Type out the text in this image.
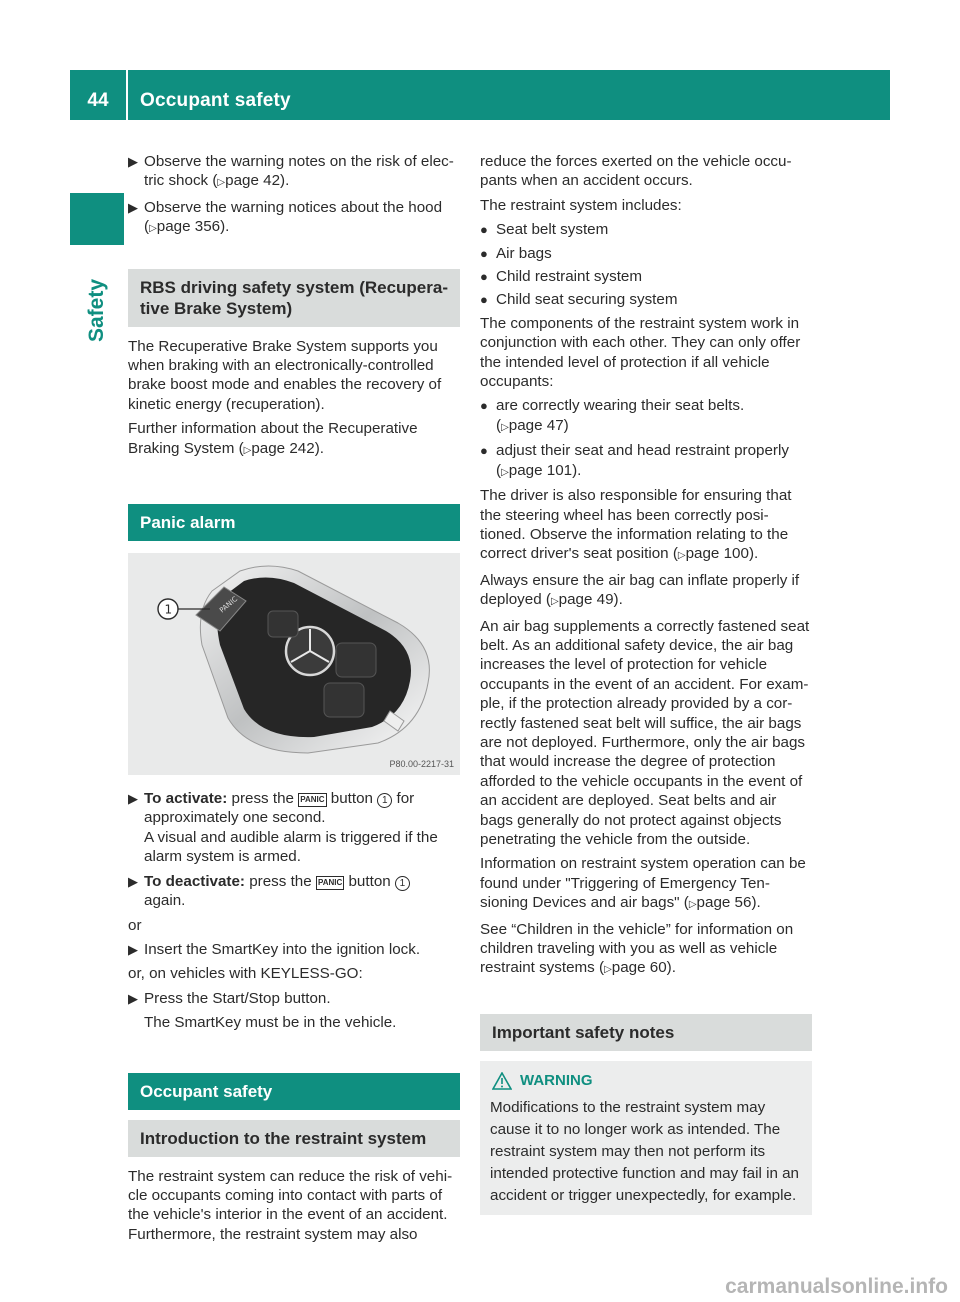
44	Occupant safety
Safety
▶ Observe the warning notes on the risk of elec-tric shock (▷page 42).
▶ Observe the warning notices about the hood (▷page 356).
RBS driving safety system (Recupera-tive Brake System)

The Recuperative Brake System supports you when braking with an electronically-controlled brake boost mode and enables the recovery of kinetic energy (recuperation).

Further information about the Recuperative Braking System (▷page 242).

Panic alarm
PANIC
1
P80.00-2217-31
▶ To activate: press the PANIC button 1 for approximately one second.
A visual and audible alarm is triggered if the alarm system is armed.
▶ To deactivate: press the PANIC button 1
again.

or

▶ Insert the SmartKey into the ignition lock.

or, on vehicles with KEYLESS-GO:

▶ Press the Start/Stop button.
The SmartKey must be in the vehicle.
Occupant safety
Introduction to the restraint system

The restraint system can reduce the risk of vehi-cle occupants coming into contact with parts of the vehicle's interior in the event of an accident. Furthermore, the restraint system may also

reduce the forces exerted on the vehicle occu-pants when an accident occurs.

The restraint system includes:

● Seat belt system
● Air bags
● Child restraint system
● Child seat securing system

The components of the restraint system work in conjunction with each other. They can only offer the intended level of protection if all vehicle occupants:

● are correctly wearing their seat belts.
(▷page 47)
● adjust their seat and head restraint properly
(▷page 101).

The driver is also responsible for ensuring that the steering wheel has been correctly posi-tioned. Observe the information relating to the correct driver's seat position (▷page 100).

Always ensure the air bag can inflate properly if deployed (▷page 49).

An air bag supplements a correctly fastened seat belt. As an additional safety device, the air bag increases the level of protection for vehicle occupants in the event of an accident. For exam-ple, if the protection already provided by a cor-rectly fastened seat belt will suffice, the air bags are not deployed. Furthermore, only the air bags that would increase the degree of protection afforded to the vehicle occupants in the event of an accident are deployed. Seat belts and air bags generally do not protect against objects penetrating the vehicle from the outside.

Information on restraint system operation can be found under "Triggering of Emergency Ten-sioning Devices and air bags" (▷page 56).

See “Children in the vehicle” for information on children traveling with you as well as vehicle restraint systems (▷page 60).

Important safety notes
WARNING

Modifications to the restraint system may cause it to no longer work as intended. The restraint system may then not perform its intended protective function and may fail in an accident or trigger unexpectedly, for example.

carmanualsonline.info
